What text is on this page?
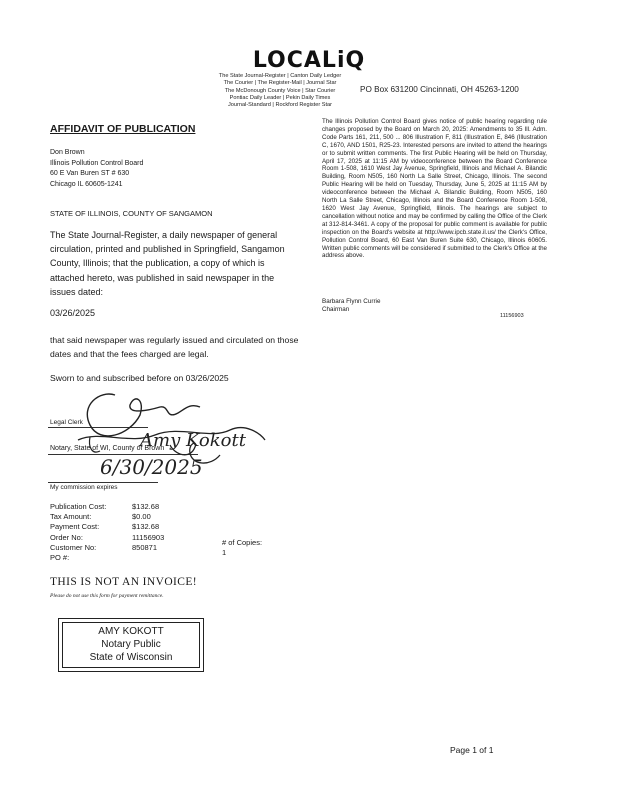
LOCALiQ
The State Journal-Register | Canton Daily Ledger
The Courier | The Register-Mail | Journal Star
The McDonough County Voice | Star Courier
Pontiac Daily Leader | Pekin Daily Times
Journal-Standard | Rockford Register Star
PO Box 631200 Cincinnati, OH 45263-1200
AFFIDAVIT OF PUBLICATION
Don Brown
Illinois Pollution Control Board
60 E Van Buren ST # 630
Chicago IL 60605-1241
STATE OF ILLINOIS, COUNTY OF SANGAMON
The State Journal-Register, a daily newspaper of general circulation, printed and published in Springfield, Sangamon County, Illinois; that the publication, a copy of which is attached hereto, was published in said newspaper in the issues dated:
03/26/2025
that said newspaper was regularly issued and circulated on those dates and that the fees charged are legal.
Sworn to and subscribed before on 03/26/2025
Legal Clerk
Notary, State of WI, County of Brown
My commission expires
Amy Kokott
6/30/2025
Publication Cost:	$132.68
Tax Amount:	$0.00
Payment Cost:	$132.68
Order No:	11156903
Customer No:	850871
PO #:
# of Copies:
1
THIS IS NOT AN INVOICE!
Please do not use this form for payment remittance.
AMY KOKOTT
Notary Public
State of Wisconsin
The Illinois Pollution Control Board gives notice of public hearing regarding rule changes proposed by the Board on March 20, 2025: Amendments to 35 Ill. Adm. Code Parts 161, 211, 500 ... 806 Illustration F, 811 (Illustration E, 846 (Illustration C, 1670, AND 1501, R25-23. Interested persons are invited to attend the hearings or to submit written comments. The first Public Hearing will be held on Thursday, April 17, 2025 at 11:15 AM by videoconference between the Board Conference Room 1-508, 1610 West Jay Avenue, Springfield, Illinois and Michael A. Bilandic Building, Room N505, 160 North La Salle Street, Chicago, Illinois. The second Public Hearing will be held on Tuesday, Thursday, June 5, 2025 at 11:15 AM by videoconference between the Michael A. Bilandic Building, Room N505, 160 North La Salle Street, Chicago, Illinois and the Board Conference Room 1-508, 1620 West Jay Avenue, Springfield, Illinois. The hearings are subject to cancellation without notice and may be confirmed by calling the Office of the Clerk at 312-814-3461. A copy of the proposal for public comment is available for public inspection on the Board's website at http://www.ipcb.state.il.us/ the Clerk's Office, Pollution Control Board, 60 East Van Buren Suite 630, Chicago, Illinois 60605. Written public comments will be considered if submitted to the Clerk's Office at the address above.
Barbara Flynn Currie
Chairman
11156903
Page 1 of 1
